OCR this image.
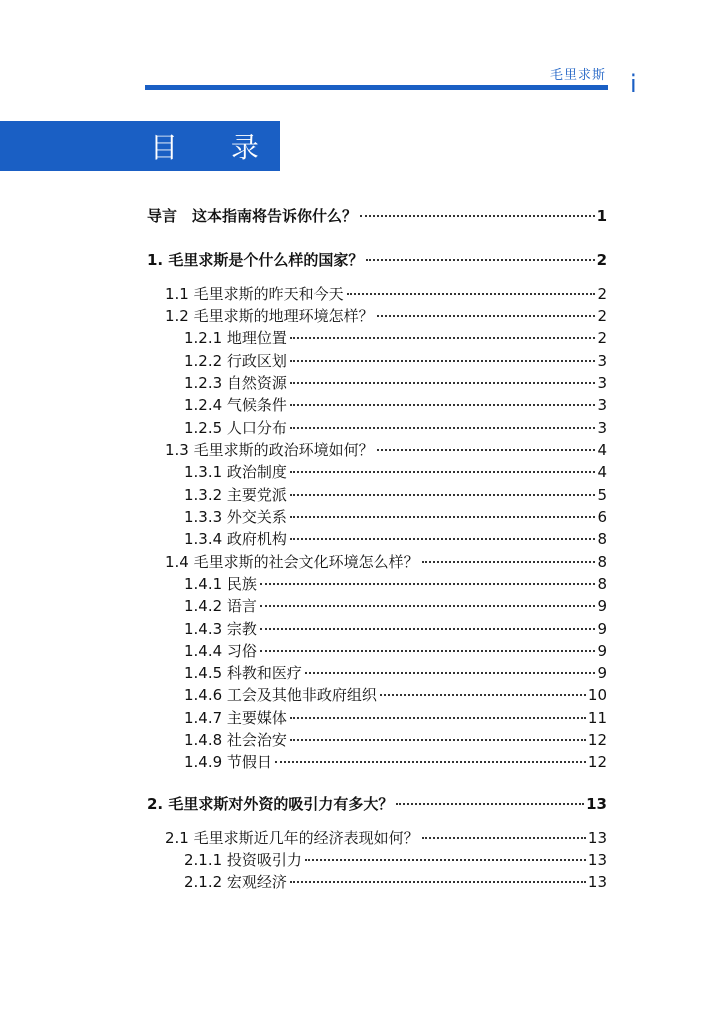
毛里求斯 i
目 录
导言　这本指南将告诉你什么？	1
1. 毛里求斯是个什么样的国家？	2
1.1 毛里求斯的昨天和今天	2
1.2 毛里求斯的地理环境怎样？	2
1.2.1 地理位置	2
1.2.2 行政区划	3
1.2.3 自然资源	3
1.2.4 气候条件	3
1.2.5 人口分布	3
1.3 毛里求斯的政治环境如何？	4
1.3.1 政治制度	4
1.3.2 主要党派	5
1.3.3 外交关系	6
1.3.4 政府机构	8
1.4 毛里求斯的社会文化环境怎么样？	8
1.4.1 民族	8
1.4.2 语言	9
1.4.3 宗教	9
1.4.4 习俗	9
1.4.5 科教和医疗	9
1.4.6 工会及其他非政府组织	10
1.4.7 主要媒体	11
1.4.8 社会治安	12
1.4.9 节假日	12
2. 毛里求斯对外资的吸引力有多大？	13
2.1 毛里求斯近几年的经济表现如何？	13
2.1.1 投资吸引力	13
2.1.2 宏观经济	13
